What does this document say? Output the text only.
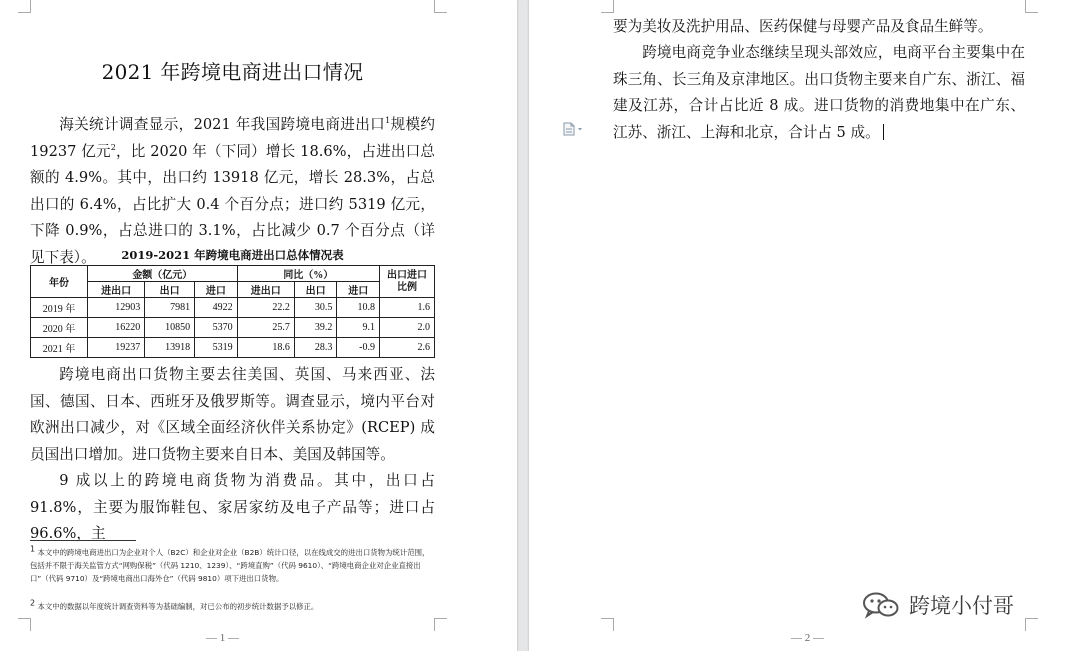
2021 年跨境电商进出口情况

海关统计调查显示，2021 年我国跨境电商进出口$^1$规模约 19237 亿元$^2$，比 2020 年（下同）增长 18.6%，占进出口总额的 4.9%。其中，出口约 13918 亿元，增长 28.3%，占总出口的 6.4%，占比扩大 0.4 个百分点；进口约 5319 亿元，下降 0.9%，占总进口的 3.1%，占比减少 0.7 个百分点（详见下表）。	2019-2021 年跨境电商进出口总体情况表
年份	金额（亿元）			同比（%）			出口进口比例
	进出口	出口	进口	进出口	出口	进口	
2019 年	12903	7981	4922	22.2	30.5	10.8	1.6
2020 年	16220	10850	5370	25.7	39.2	9.1	2.0
2021 年	19237	13918	5319	18.6	28.3	-0.9	2.6

跨境电商出口货物主要去往美国、英国、马来西亚、法国、德国、日本、西班牙及俄罗斯等。调查显示，境内平台对欧洲出口减少，对《区域全面经济伙伴关系协定》(RCEP) 成员国出口增加。进口货物主要来自日本、美国及韩国等。

9 成以上的跨境电商货物为消费品。其中，出口占 91.8%，主要为服饰鞋包、家居家纺及电子产品等；进口占 96.6%，主

$^1$ 本文中的跨境电商进出口为企业对个人（B2C）和企业对企业（B2B）统计口径，以在线成交的进出口货物为统计范围，包括并不限于海关监管方式“网购保税”（代码 1210、1239）、“跨境直购”（代码 9610）、“跨境电商企业对企业直接出口”（代码 9710）及“跨境电商出口海外仓”（代码 9810）项下进出口货物。

$^2$ 本文中的数据以年度统计调查资料等为基础编制，对已公布的初步统计数据予以修正。

— 1 —

要为美妆及洗护用品、医药保健与母婴产品及食品生鲜等。

跨境电商竞争业态继续呈现头部效应，电商平台主要集中在珠三角、长三角及京津地区。出口货物主要来自广东、浙江、福建及江苏，合计占比近 8 成。进口货物的消费地集中在广东、江苏、浙江、上海和北京，合计占 5 成。

— 2 —
跨境小付哥
